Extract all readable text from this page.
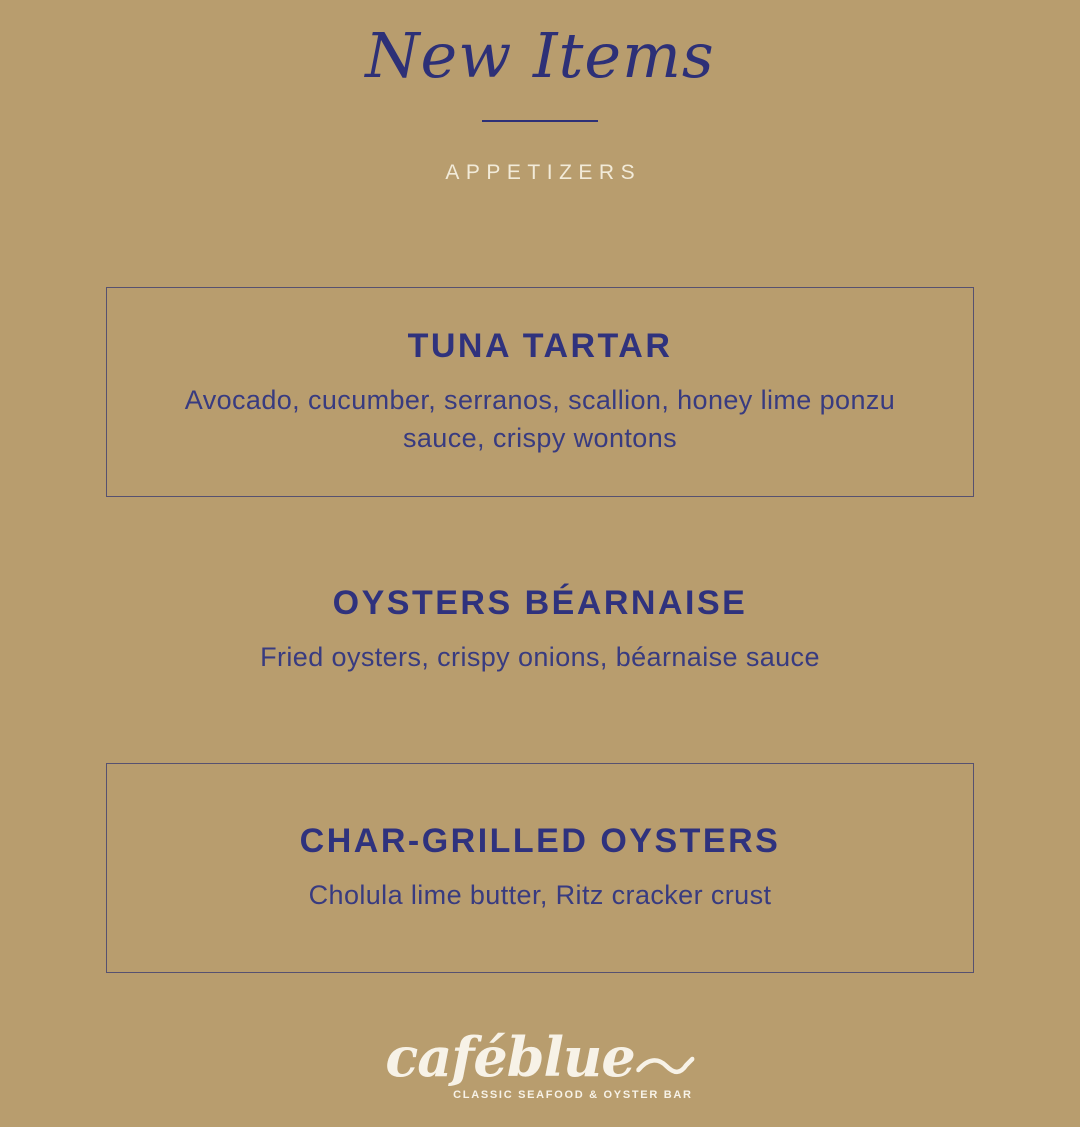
New Items
APPETIZERS
TUNA TARTAR

Avocado, cucumber, serranos, scallion, honey lime ponzu sauce, crispy wontons

OYSTERS BÉARNAISE

Fried oysters, crispy onions, béarnaise sauce

CHAR-GRILLED OYSTERS

Cholula lime butter, Ritz cracker crust

caféblue
CLASSIC SEAFOOD & OYSTER BAR
